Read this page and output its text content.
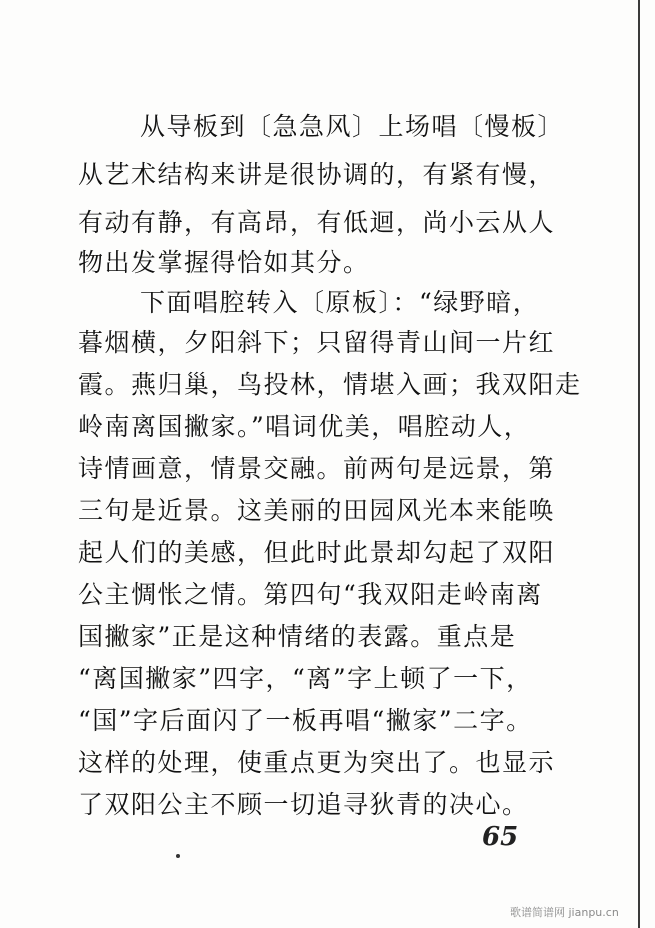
从导板到〔急急风〕上场唱〔慢板〕
从艺术结构来讲是很协调的，有紧有慢，
有动有静，有高昂，有低迴，尚小云从人
物出发掌握得恰如其分。
下面唱腔转入〔原板〕：“绿野暗，
暮烟横，夕阳斜下；只留得青山间一片红
霞。燕归巢，鸟投林，情堪入画；我双阳走
岭南离国撇家。”唱词优美，唱腔动人，
诗情画意，情景交融。前两句是远景，第
三句是近景。这美丽的田园风光本来能唤
起人们的美感，但此时此景却勾起了双阳
公主惆怅之情。第四句“我双阳走岭南离
国撇家”正是这种情绪的表露。重点是
“离国撇家”四字，“离”字上顿了一下，
“国”字后面闪了一板再唱“撇家”二字。
这样的处理，使重点更为突出了。也显示
了双阳公主不顾一切追寻狄青的决心。
65
歌谱简谱网 jianpu.cn
